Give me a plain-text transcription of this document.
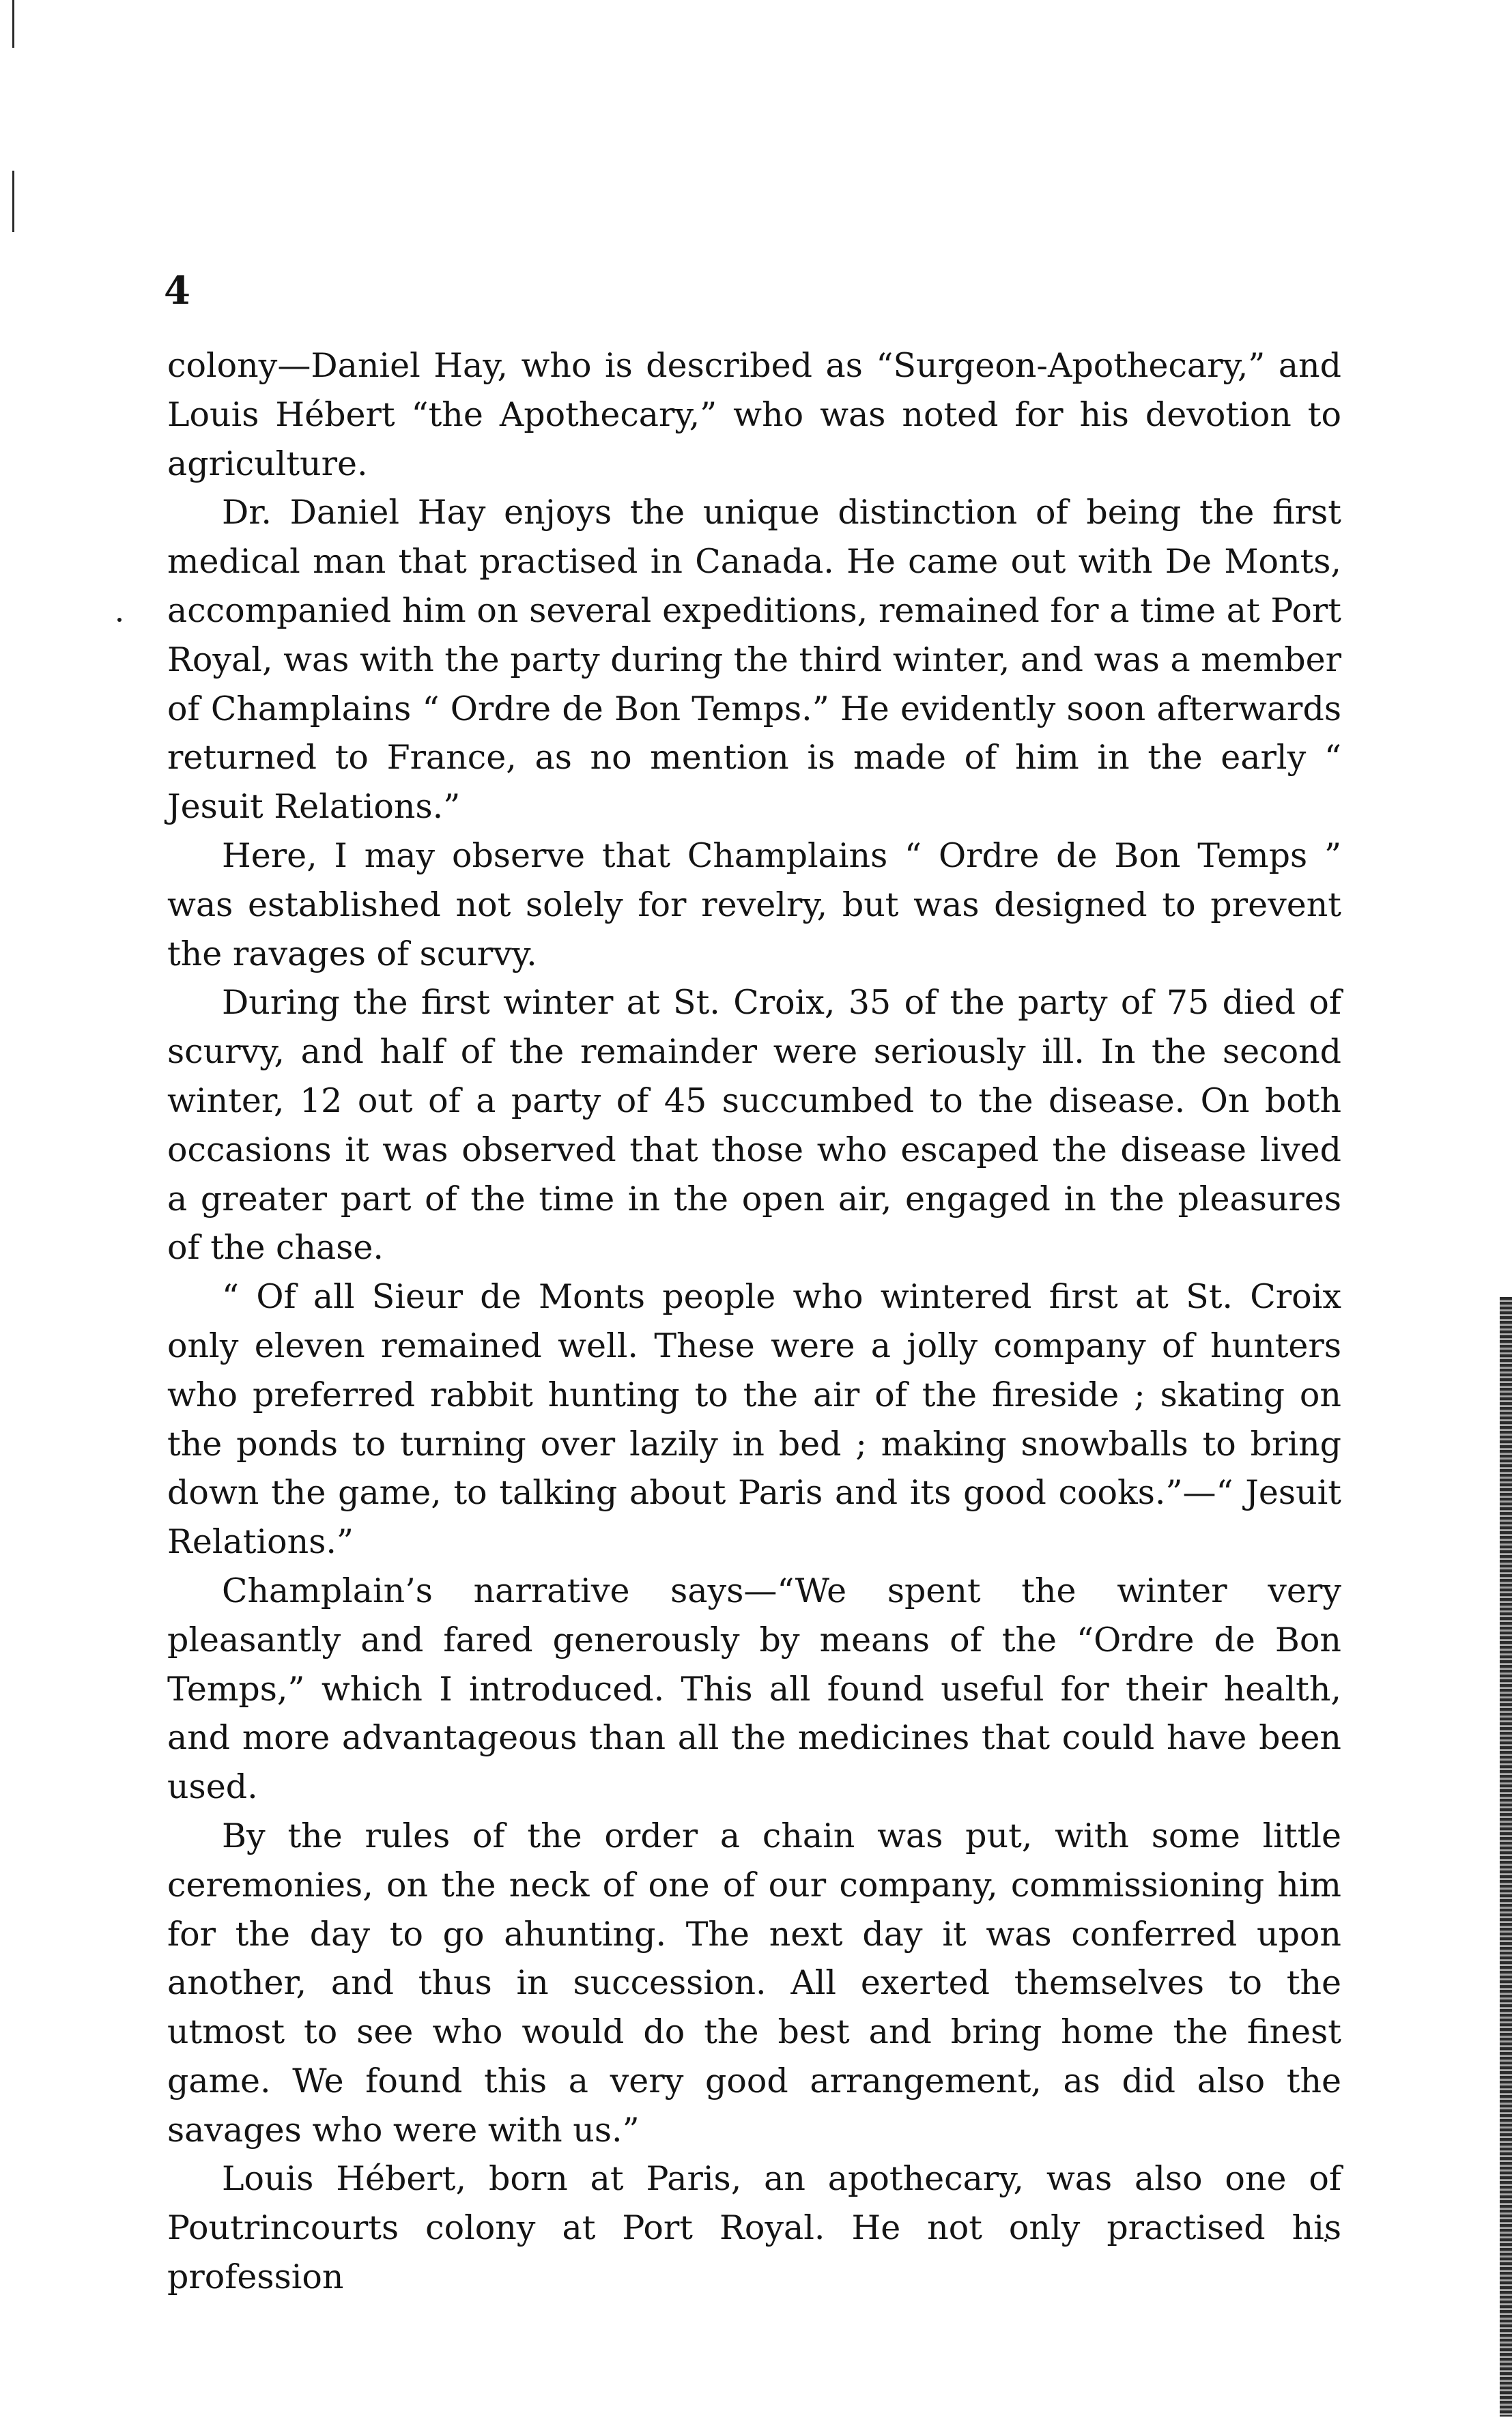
4

colony—Daniel Hay, who is described as “Surgeon-Apothecary,” and Louis Hébert “the Apothecary,” who was noted for his devotion to agriculture.

Dr. Daniel Hay enjoys the unique distinction of being the first medical man that practised in Canada. He came out with De Monts, accompanied him on several expeditions, remained for a time at Port Royal, was with the party during the third winter, and was a member of Champlains “ Ordre de Bon Temps.” He evidently soon afterwards returned to France, as no mention is made of him in the early “ Jesuit Relations.”

Here, I may observe that Champlains “ Ordre de Bon Temps ” was established not solely for revelry, but was designed to prevent the ravages of scurvy.

During the first winter at St. Croix, 35 of the party of 75 died of scurvy, and half of the remainder were seriously ill. In the second winter, 12 out of a party of 45 succumbed to the disease. On both occasions it was observed that those who escaped the disease lived a greater part of the time in the open air, engaged in the pleasures of the chase.

“ Of all Sieur de Monts people who wintered first at St. Croix only eleven remained well. These were a jolly company of hunters who preferred rabbit hunting to the air of the fireside ; skating on the ponds to turning over lazily in bed ; making snowballs to bring down the game, to talking about Paris and its good cooks.”—“ Jesuit Relations.”

Champlain’s narrative says—“We spent the winter very pleasantly and fared generously by means of the “Ordre de Bon Temps,” which I introduced. This all found useful for their health, and more advantageous than all the medicines that could have been used.

By the rules of the order a chain was put, with some little ceremonies, on the neck of one of our company, commissioning him for the day to go ahunting. The next day it was conferred upon another, and thus in succession. All exerted themselves to the utmost to see who would do the best and bring home the finest game. We found this a very good arrangement, as did also the savages who were with us.”

Louis Hébert, born at Paris, an apothecary, was also one of Poutrincourts colony at Port Royal. He not only practised his profession
